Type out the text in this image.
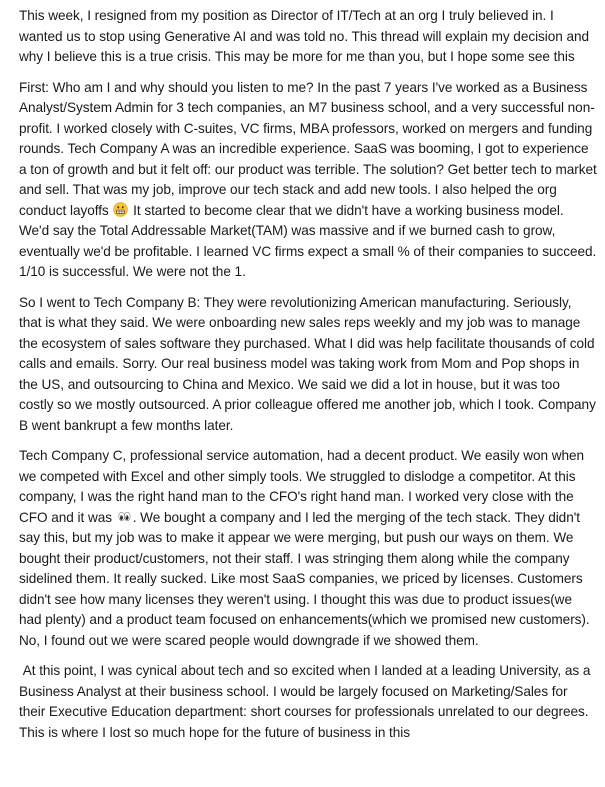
This week, I resigned from my position as Director of IT/Tech at an org I truly believed in. I wanted us to stop using Generative AI and was told no. This thread will explain my decision and why I believe this is a true crisis. This may be more for me than you, but I hope some see this

First: Who am I and why should you listen to me? In the past 7 years I've worked as a Business Analyst/System Admin for 3 tech companies, an M7 business school, and a very successful non-profit. I worked closely with C-suites, VC firms, MBA professors, worked on mergers and funding rounds. Tech Company A was an incredible experience. SaaS was booming, I got to experience a ton of growth and but it felt off: our product was terrible. The solution? Get better tech to market and sell. That was my job, improve our tech stack and add new tools. I also helped the org conduct layoffs It started to become clear that we didn't have a working business model. We'd say the Total Addressable Market(TAM) was massive and if we burned cash to grow, eventually we'd be profitable. I learned VC firms expect a small % of their companies to succeed. 1/10 is successful. We were not the 1.

So I went to Tech Company B: They were revolutionizing American manufacturing. Seriously, that is what they said. We were onboarding new sales reps weekly and my job was to manage the ecosystem of sales software they purchased. What I did was help facilitate thousands of cold calls and emails. Sorry. Our real business model was taking work from Mom and Pop shops in the US, and outsourcing to China and Mexico. We said we did a lot in house, but it was too costly so we mostly outsourced. A prior colleague offered me another job, which I took. Company B went bankrupt a few months later.

Tech Company C, professional service automation, had a decent product. We easily won when we competed with Excel and other simply tools. We struggled to dislodge a competitor. At this company, I was the right hand man to the CFO's right hand man. I worked very close with the CFO and it was . We bought a company and I led the merging of the tech stack. They didn't say this, but my job was to make it appear we were merging, but push our ways on them. We bought their product/customers, not their staff. I was stringing them along while the company sidelined them. It really sucked. Like most SaaS companies, we priced by licenses. Customers didn't see how many licenses they weren't using. I thought this was due to product issues(we had plenty) and a product team focused on enhancements(which we promised new customers). No, I found out we were scared people would downgrade if we showed them.

At this point, I was cynical about tech and so excited when I landed at a leading University, as a Business Analyst at their business school. I would be largely focused on Marketing/Sales for their Executive Education department: short courses for professionals unrelated to our degrees. This is where I lost so much hope for the future of business in this
